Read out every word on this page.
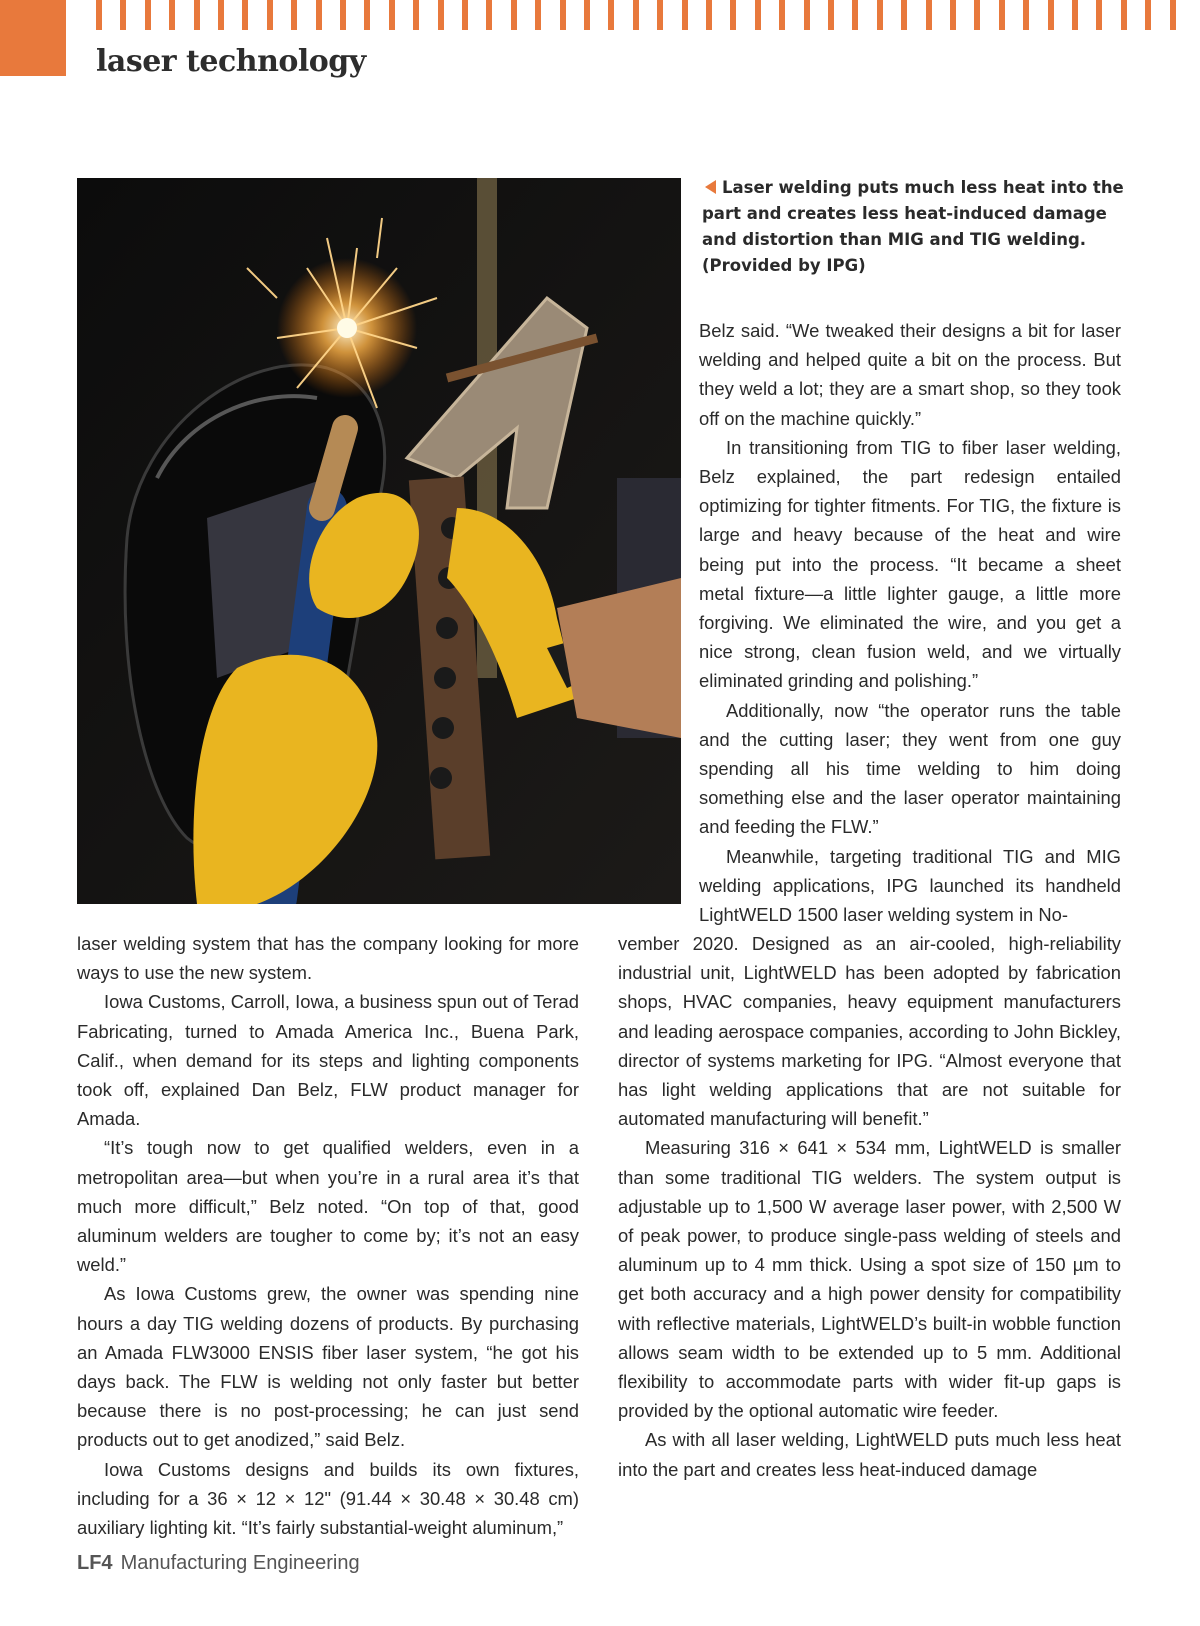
laser technology

Laser welding puts much less heat into the part and creates less heat-induced damage and distortion than MIG and TIG welding. (Provided by IPG)

Belz said. “We tweaked their designs a bit for laser welding and helped quite a bit on the process. But they weld a lot; they are a smart shop, so they took off on the machine quickly.”

In transitioning from TIG to fiber laser welding, Belz explained, the part redesign entailed optimizing for tighter fitments. For TIG, the fixture is large and heavy because of the heat and wire being put into the process. “It became a sheet metal fixture—a little lighter gauge, a little more forgiving. We eliminated the wire, and you get a nice strong, clean fusion weld, and we virtually eliminated grinding and polishing.”

Additionally, now “the operator runs the table and the cutting laser; they went from one guy spending all his time welding to him doing something else and the laser operator maintaining and feeding the FLW.”

Meanwhile, targeting traditional TIG and MIG welding applications, IPG launched its handheld LightWELD 1500 laser welding system in No-

vember 2020. Designed as an air-cooled, high-reliability industrial unit, LightWELD has been adopted by fabrication shops, HVAC companies, heavy equipment manufacturers and leading aerospace companies, according to John Bickley, director of systems marketing for IPG. “Almost everyone that has light welding applications that are not suitable for automated manufacturing will benefit.”

Measuring 316 × 641 × 534 mm, LightWELD is smaller than some traditional TIG welders. The system output is adjustable up to 1,500 W average laser power, with 2,500 W of peak power, to produce single-pass welding of steels and aluminum up to 4 mm thick. Using a spot size of 150 µm to get both accuracy and a high power density for compatibility with reflective materials, LightWELD’s built-in wobble function allows seam width to be extended up to 5 mm. Additional flexibility to accommodate parts with wider fit-up gaps is provided by the optional automatic wire feeder.

As with all laser welding, LightWELD puts much less heat into the part and creates less heat-induced damage

laser welding system that has the company looking for more ways to use the new system.

Iowa Customs, Carroll, Iowa, a business spun out of Terad Fabricating, turned to Amada America Inc., Buena Park, Calif., when demand for its steps and lighting components took off, explained Dan Belz, FLW product manager for Amada.

“It’s tough now to get qualified welders, even in a metropolitan area—but when you’re in a rural area it’s that much more difficult,” Belz noted. “On top of that, good aluminum welders are tougher to come by; it’s not an easy weld.”

As Iowa Customs grew, the owner was spending nine hours a day TIG welding dozens of products. By purchasing an Amada FLW3000 ENSIS fiber laser system, “he got his days back. The FLW is welding not only faster but better because there is no post-processing; he can just send products out to get anodized,” said Belz.

Iowa Customs designs and builds its own fixtures, including for a 36 × 12 × 12" (91.44 × 30.48 × 30.48 cm) auxiliary lighting kit. “It’s fairly substantial-weight aluminum,”

LF4 Manufacturing Engineering
